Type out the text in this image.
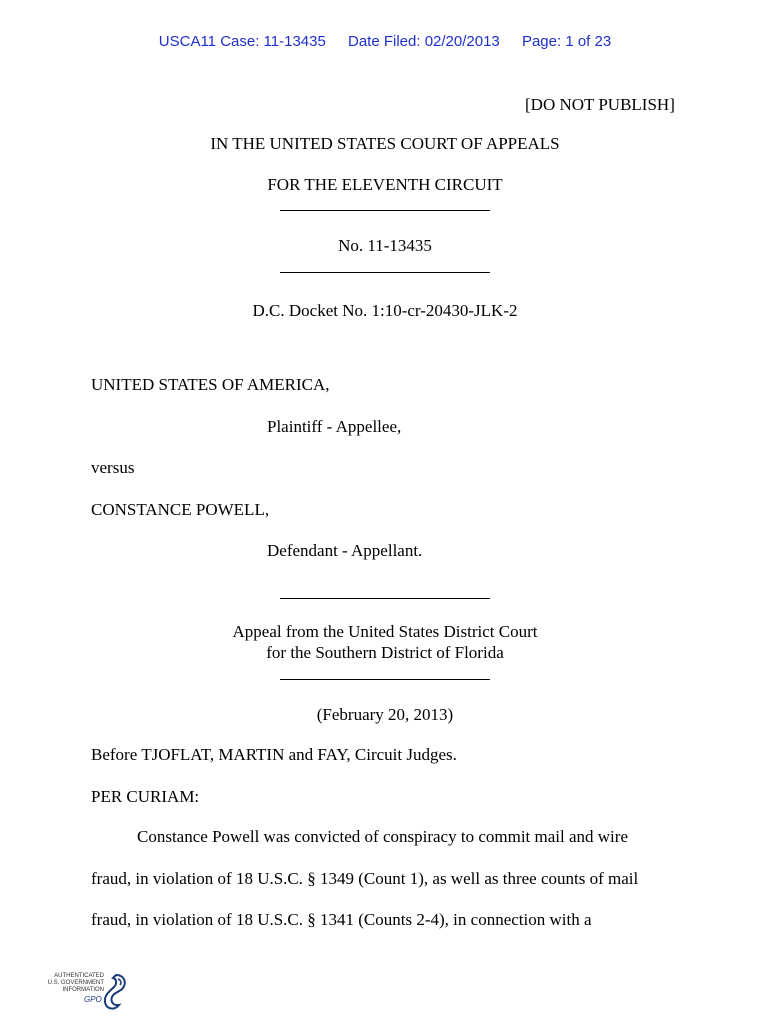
USCA11 Case: 11-13435 Date Filed: 02/20/2013 Page: 1 of 23
[DO NOT PUBLISH]
IN THE UNITED STATES COURT OF APPEALS
FOR THE ELEVENTH CIRCUIT
No. 11-13435
D.C. Docket No. 1:10-cr-20430-JLK-2
UNITED STATES OF AMERICA,
Plaintiff - Appellee,
versus
CONSTANCE POWELL,
Defendant - Appellant.
Appeal from the United States District Court
for the Southern District of Florida
(February 20, 2013)
Before TJOFLAT, MARTIN and FAY, Circuit Judges.
PER CURIAM:
Constance Powell was convicted of conspiracy to commit mail and wire
fraud, in violation of 18 U.S.C. § 1349 (Count 1), as well as three counts of mail
fraud, in violation of 18 U.S.C. § 1341 (Counts 2-4), in connection with a
AUTHENTICATED
U.S. GOVERNMENT
INFORMATION
GPO
